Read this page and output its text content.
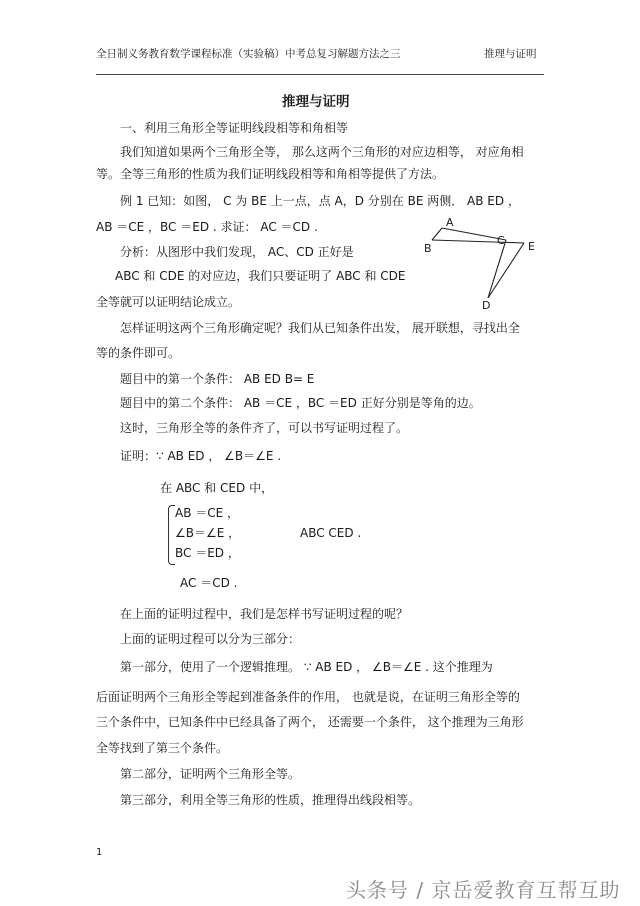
全日制义务教育数学课程标准（实验稿）中考总复习解题方法之三	推理与证明
推理与证明
一、利用三角形全等证明线段相等和角相等
我们知道如果两个三角形全等， 那么这两个三角形的对应边相等， 对应角相
等。全等三角形的性质为我们证明线段相等和角相等提供了方法。
例 1 已知：如图， C 为 BE 上一点，点 A，D 分别在 BE 两侧． AB ED ，
AB ＝CE ，BC ＝ED . 求证： AC ＝CD .
分析：从图形中我们发现， AC、CD 正好是
ABC 和 CDE 的对应边，我们只要证明了 ABC 和 CDE
全等就可以证明结论成立。
A
B
C E
D
怎样证明这两个三角形确定呢？我们从已知条件出发， 展开联想，寻找出全
等的条件即可。
题目中的第一个条件： AB ED B= E
题目中的第二个条件： AB ＝CE ，BC ＝ED 正好分别是等角的边。
这时，三角形全等的条件齐了，可以书写证明过程了。
证明：∵ AB ED ， ∠B＝∠E .
在 ABC 和 CED 中，
AB ＝CE ，
∠B＝∠E ，
BC ＝ED ，
ABC CED .
AC ＝CD .
在上面的证明过程中，我们是怎样书写证明过程的呢？
上面的证明过程可以分为三部分：
第一部分，使用了一个逻辑推理。 ∵ AB ED ， ∠B＝∠E . 这个推理为
后面证明两个三角形全等起到准备条件的作用， 也就是说，在证明三角形全等的
三个条件中，已知条件中已经具备了两个， 还需要一个条件， 这个推理为三角形
全等找到了第三个条件。
第二部分，证明两个三角形全等。
第三部分，利用全等三角形的性质，推理得出线段相等。
1
头条号 / 京岳爱教育互帮互助
